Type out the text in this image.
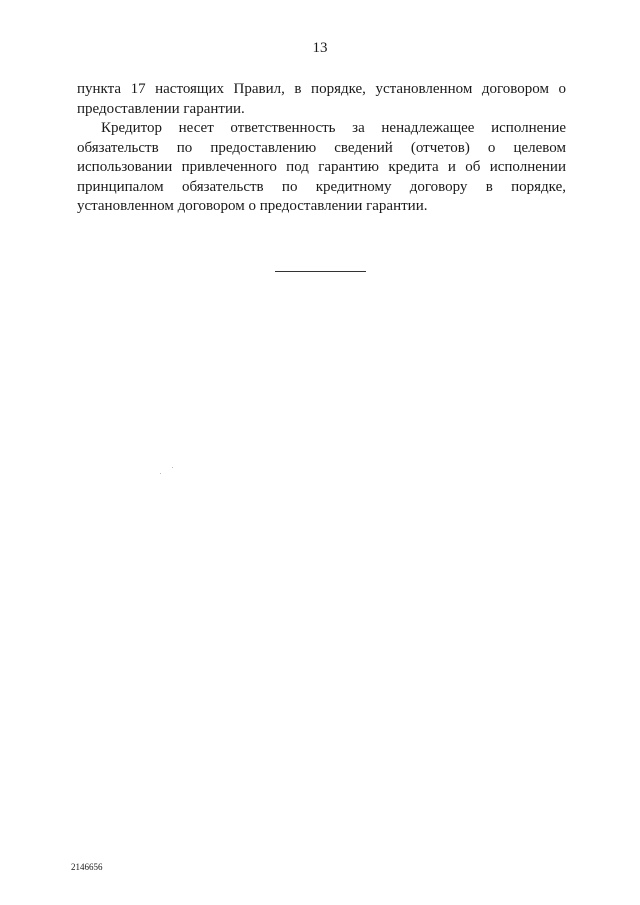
13

пункта 17 настоящих Правил, в порядке, установленном договором о предоставлении гарантии.

Кредитор несет ответственность за ненадлежащее исполнение обязательств по предоставлению сведений (отчетов) о целевом использовании привлеченного под гарантию кредита и об исполнении принципалом обязательств по кредитному договору в порядке, установленном договором о предоставлении гарантии.

2146656
